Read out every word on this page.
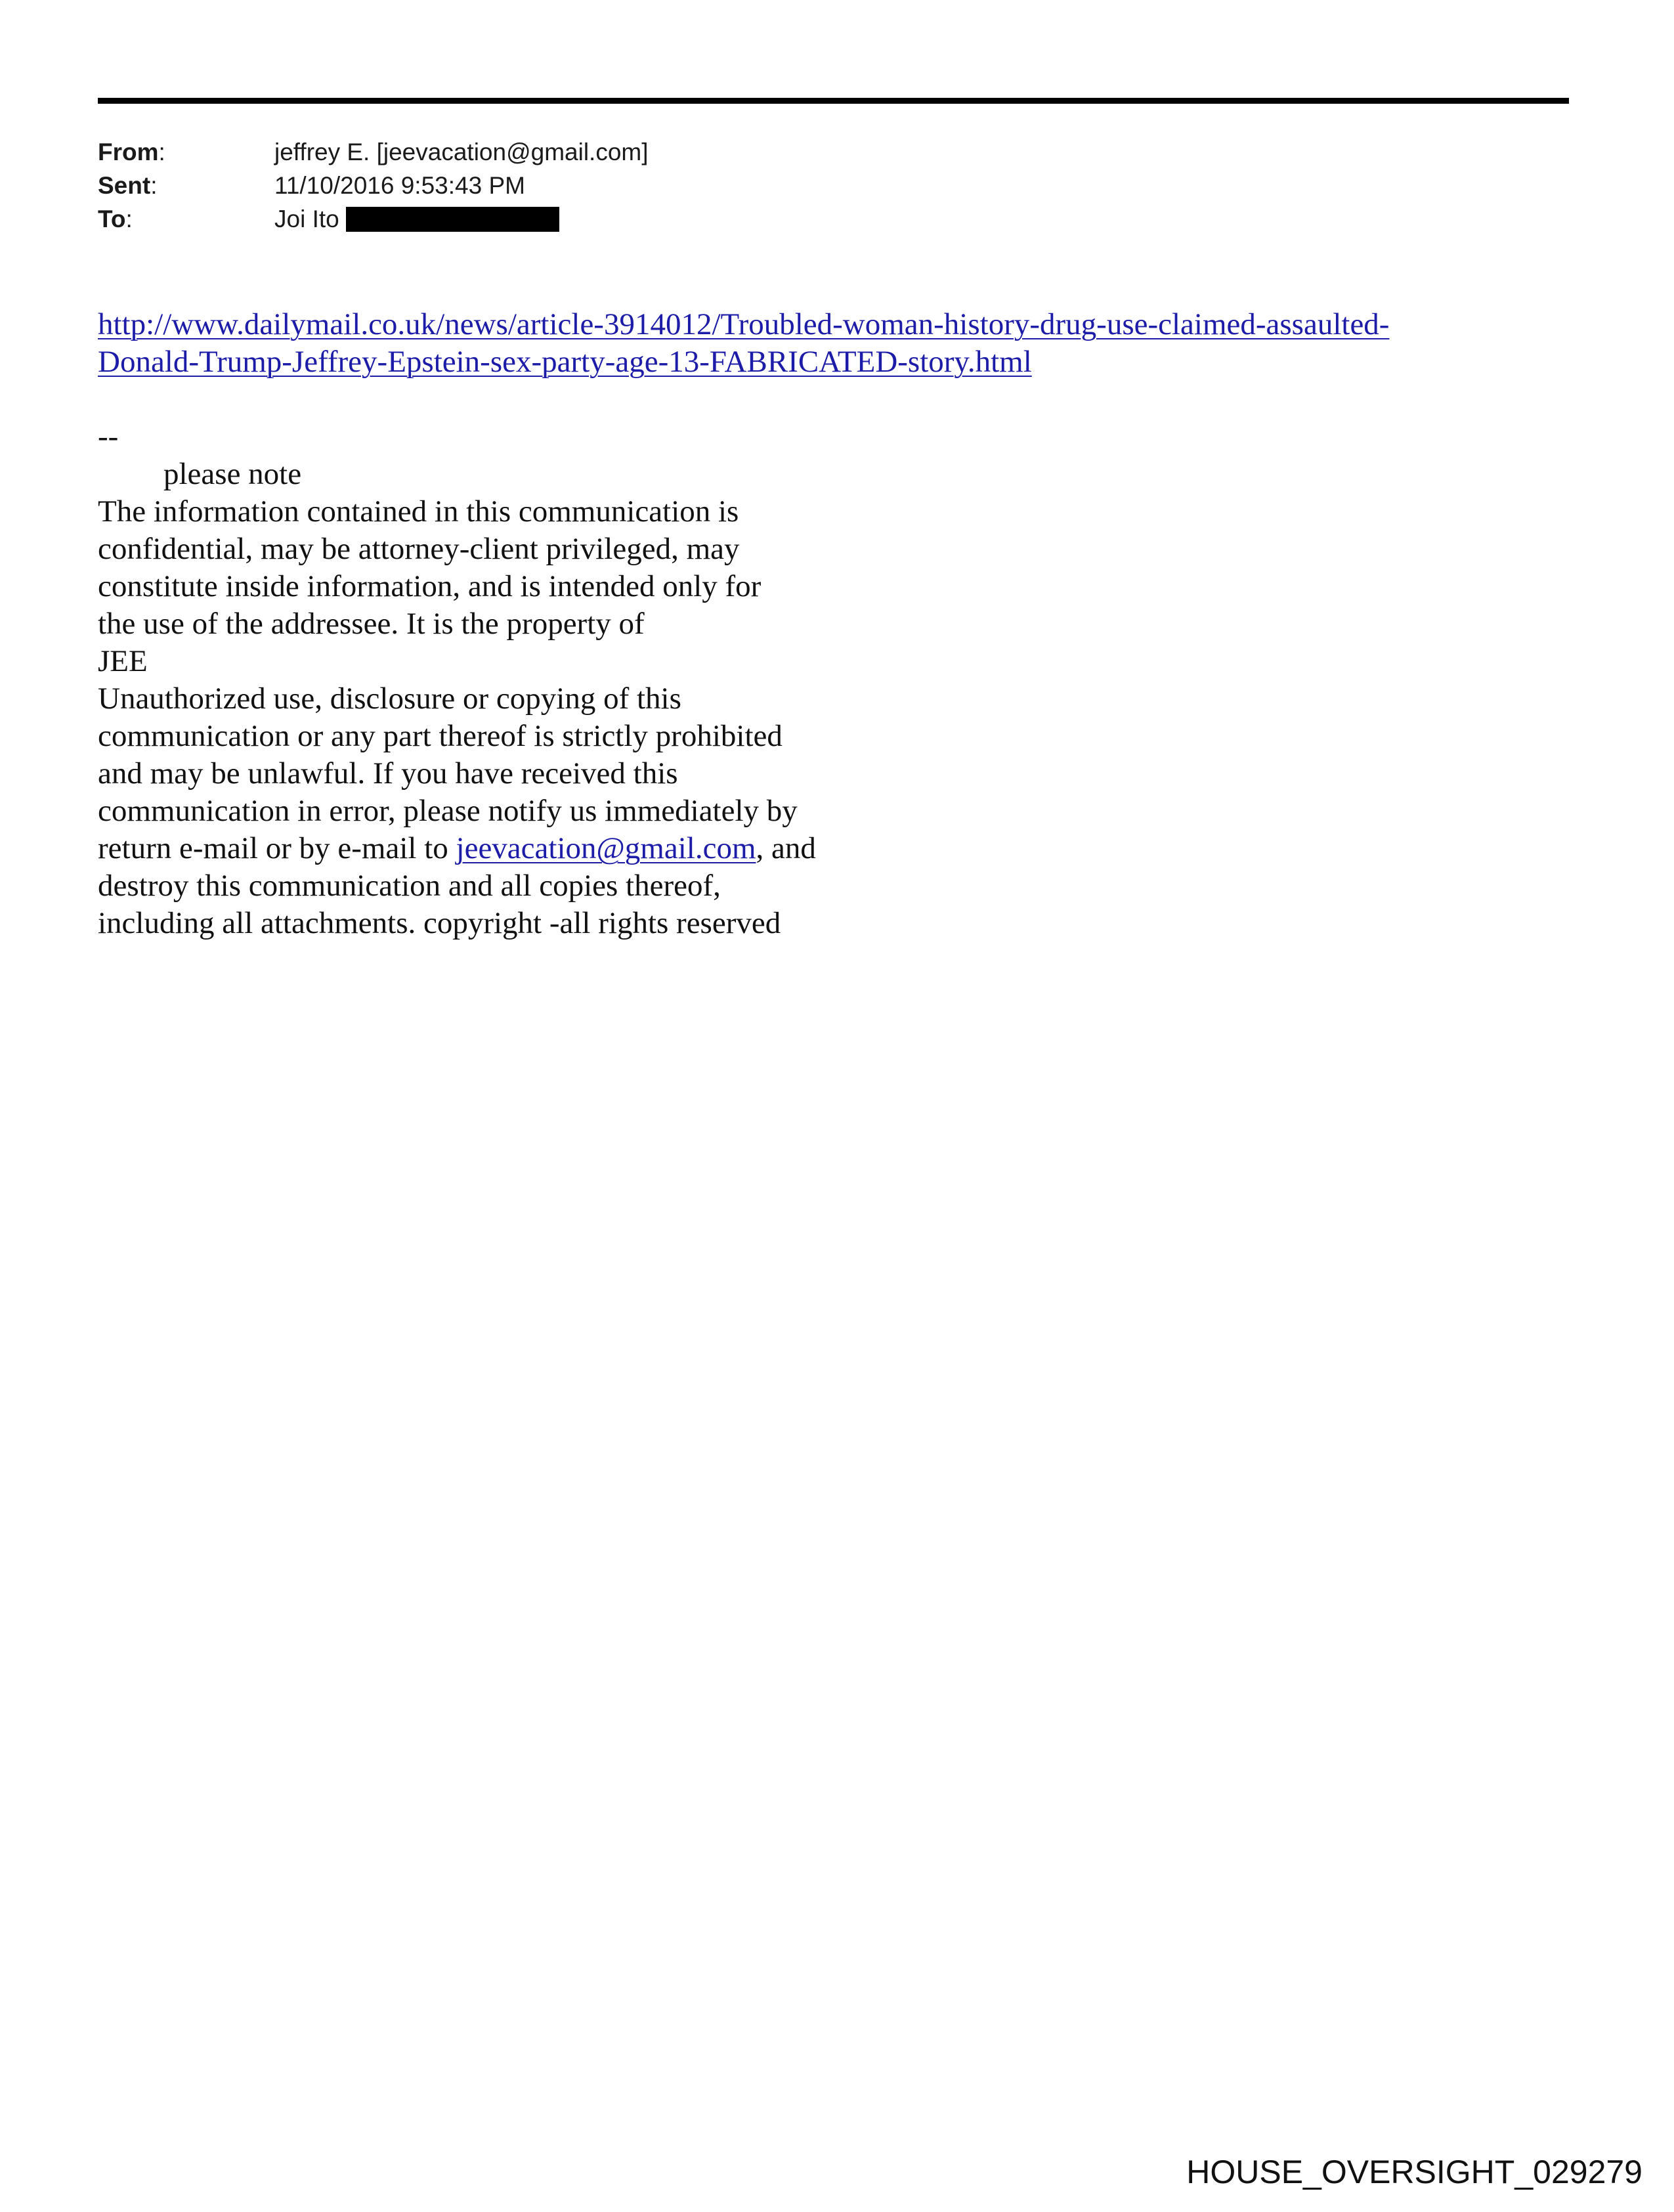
From:	jeffrey E. [jeevacation@gmail.com]
Sent:	11/10/2016 9:53:43 PM
To:	Joi Ito
http://www.dailymail.co.uk/news/article-3914012/Troubled-woman-history-drug-use-claimed-assaulted-
Donald-Trump-Jeffrey-Epstein-sex-party-age-13-FABRICATED-story.html
--
please note
The information contained in this communication is
confidential, may be attorney-client privileged, may
constitute inside information, and is intended only for
the use of the addressee. It is the property of
JEE
Unauthorized use, disclosure or copying of this
communication or any part thereof is strictly prohibited
and may be unlawful. If you have received this
communication in error, please notify us immediately by
return e-mail or by e-mail to jeevacation@gmail.com, and
destroy this communication and all copies thereof,
including all attachments. copyright -all rights reserved
HOUSE_OVERSIGHT_029279
